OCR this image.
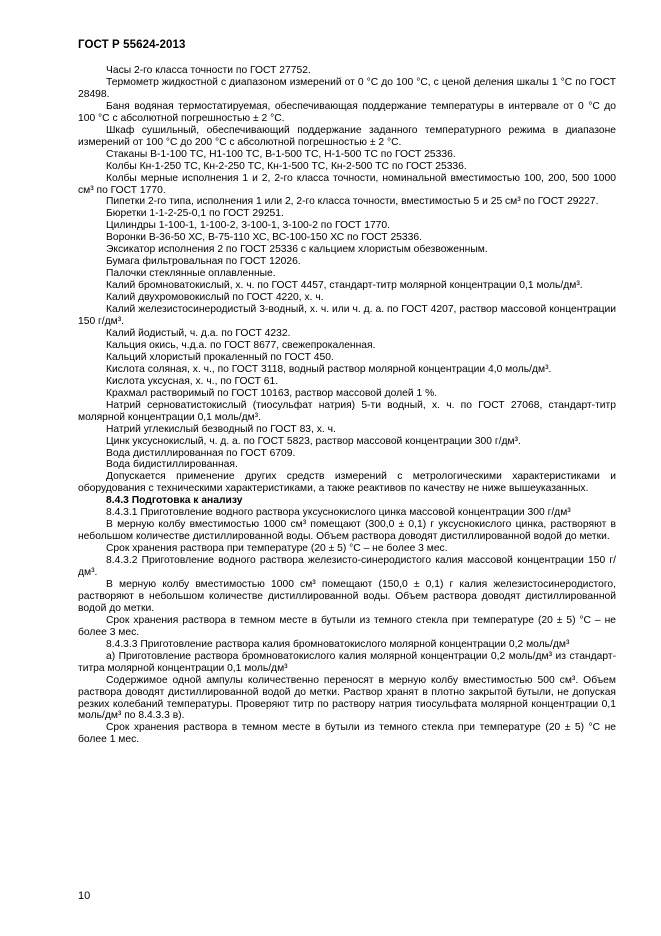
ГОСТ Р 55624-2013

Часы 2-го класса точности по ГОСТ 27752.

Термометр жидкостной с диапазоном измерений от 0 °С до 100 °С, с ценой деления шкалы 1 °С по ГОСТ 28498.

Баня водяная термостатируемая, обеспечивающая поддержание температуры в интервале от 0 °С до 100 °С с абсолютной погрешностью ± 2 °С.

Шкаф сушильный, обеспечивающий поддержание заданного температурного режима в диапазоне измерений от 100 °С до 200 °С с абсолютной погрешностью ± 2 °С.

Стаканы В-1-100 ТС, Н1-100 ТС, В-1-500 ТС, Н-1-500 ТС по ГОСТ 25336.

Колбы Кн-1-250 ТС, Кн-2-250 ТС, Кн-1-500 ТС, Кн-2-500 ТС по ГОСТ 25336.

Колбы мерные исполнения 1 и 2, 2-го класса точности, номинальной вместимостью 100, 200, 500 1000 см³ по ГОСТ 1770.

Пипетки 2-го типа, исполнения 1 или 2, 2-го класса точности, вместимостью 5 и 25 см³ по ГОСТ 29227.

Бюретки 1-1-2-25-0,1 по ГОСТ 29251.

Цилиндры 1-100-1, 1-100-2, 3-100-1, 3-100-2 по ГОСТ 1770.

Воронки В-36-50 ХС, В-75-110 ХС, ВС-100-150 ХС по ГОСТ 25336.

Эксикатор исполнения 2 по ГОСТ 25336 с кальцием хлористым обезвоженным.

Бумага фильтровальная по ГОСТ 12026.

Палочки стеклянные оплавленные.

Калий бромноватокислый, х. ч. по ГОСТ 4457, стандарт-титр молярной концентрации 0,1 моль/дм³.

Калий двухромовокислый по ГОСТ 4220, х. ч.

Калий железистосинеродистый 3-водный, х. ч. или ч. д. а. по ГОСТ 4207, раствор массовой концентрации 150 г/дм³.

Калий йодистый, ч. д.а. по ГОСТ 4232.

Кальция окись, ч.д.а. по ГОСТ 8677, свежепрокаленная.

Кальций хлористый прокаленный по ГОСТ 450.

Кислота соляная, х. ч., по ГОСТ 3118, водный раствор молярной концентрации 4,0 моль/дм³.

Кислота уксусная, х. ч., по ГОСТ 61.

Крахмал растворимый по ГОСТ 10163, раствор массовой долей 1 %.

Натрий серноватистокислый (тиосульфат натрия) 5-ти водный, х. ч. по ГОСТ 27068, стандарт-титр молярной концентрации 0,1 моль/дм³.

Натрий углекислый безводный по ГОСТ 83, х. ч.

Цинк уксуснокислый, ч. д. а. по ГОСТ 5823, раствор массовой концентрации 300 г/дм³.

Вода дистиллированная по ГОСТ 6709.

Вода бидистиллированная.

Допускается применение других средств измерений с метрологическими характеристиками и оборудования с техническими характеристиками, а также реактивов по качеству не ниже вышеуказанных.

8.4.3 Подготовка к анализу

8.4.3.1 Приготовление водного раствора уксуснокислого цинка массовой концентрации 300 г/дм³

В мерную колбу вместимостью 1000 см³ помещают (300,0 ± 0,1) г уксуснокислого цинка, растворяют в небольшом количестве дистиллированной воды. Объем раствора доводят дистиллированной водой до метки.

Срок хранения раствора при температуре (20 ± 5) °С – не более 3 мес.

8.4.3.2 Приготовление водного раствора железисто-синеродистого калия массовой концентрации 150 г/дм³.

В мерную колбу вместимостью 1000 см³ помещают (150,0 ± 0,1) г калия железистосинеродистого, растворяют в небольшом количестве дистиллированной воды. Объем раствора доводят дистиллированной водой до метки.

Срок хранения раствора в темном месте в бутыли из темного стекла при температуре (20 ± 5) °С – не более 3 мес.

8.4.3.3 Приготовление раствора калия бромноватокислого молярной концентрации 0,2 моль/дм³

а) Приготовление раствора бромноватокислого калия молярной концентрации 0,2 моль/дм³ из стандарт-титра молярной концентрации 0,1 моль/дм³

Содержимое одной ампулы количественно переносят в мерную колбу вместимостью 500 см³. Объем раствора доводят дистиллированной водой до метки. Раствор хранят в плотно закрытой бутыли, не допуская резких колебаний температуры. Проверяют титр по раствору натрия тиосульфата молярной концентрации 0,1 моль/дм³ по 8.4.3.3 в).

Срок хранения раствора в темном месте в бутыли из темного стекла при температуре (20 ± 5) °С не более 1 мес.

10
